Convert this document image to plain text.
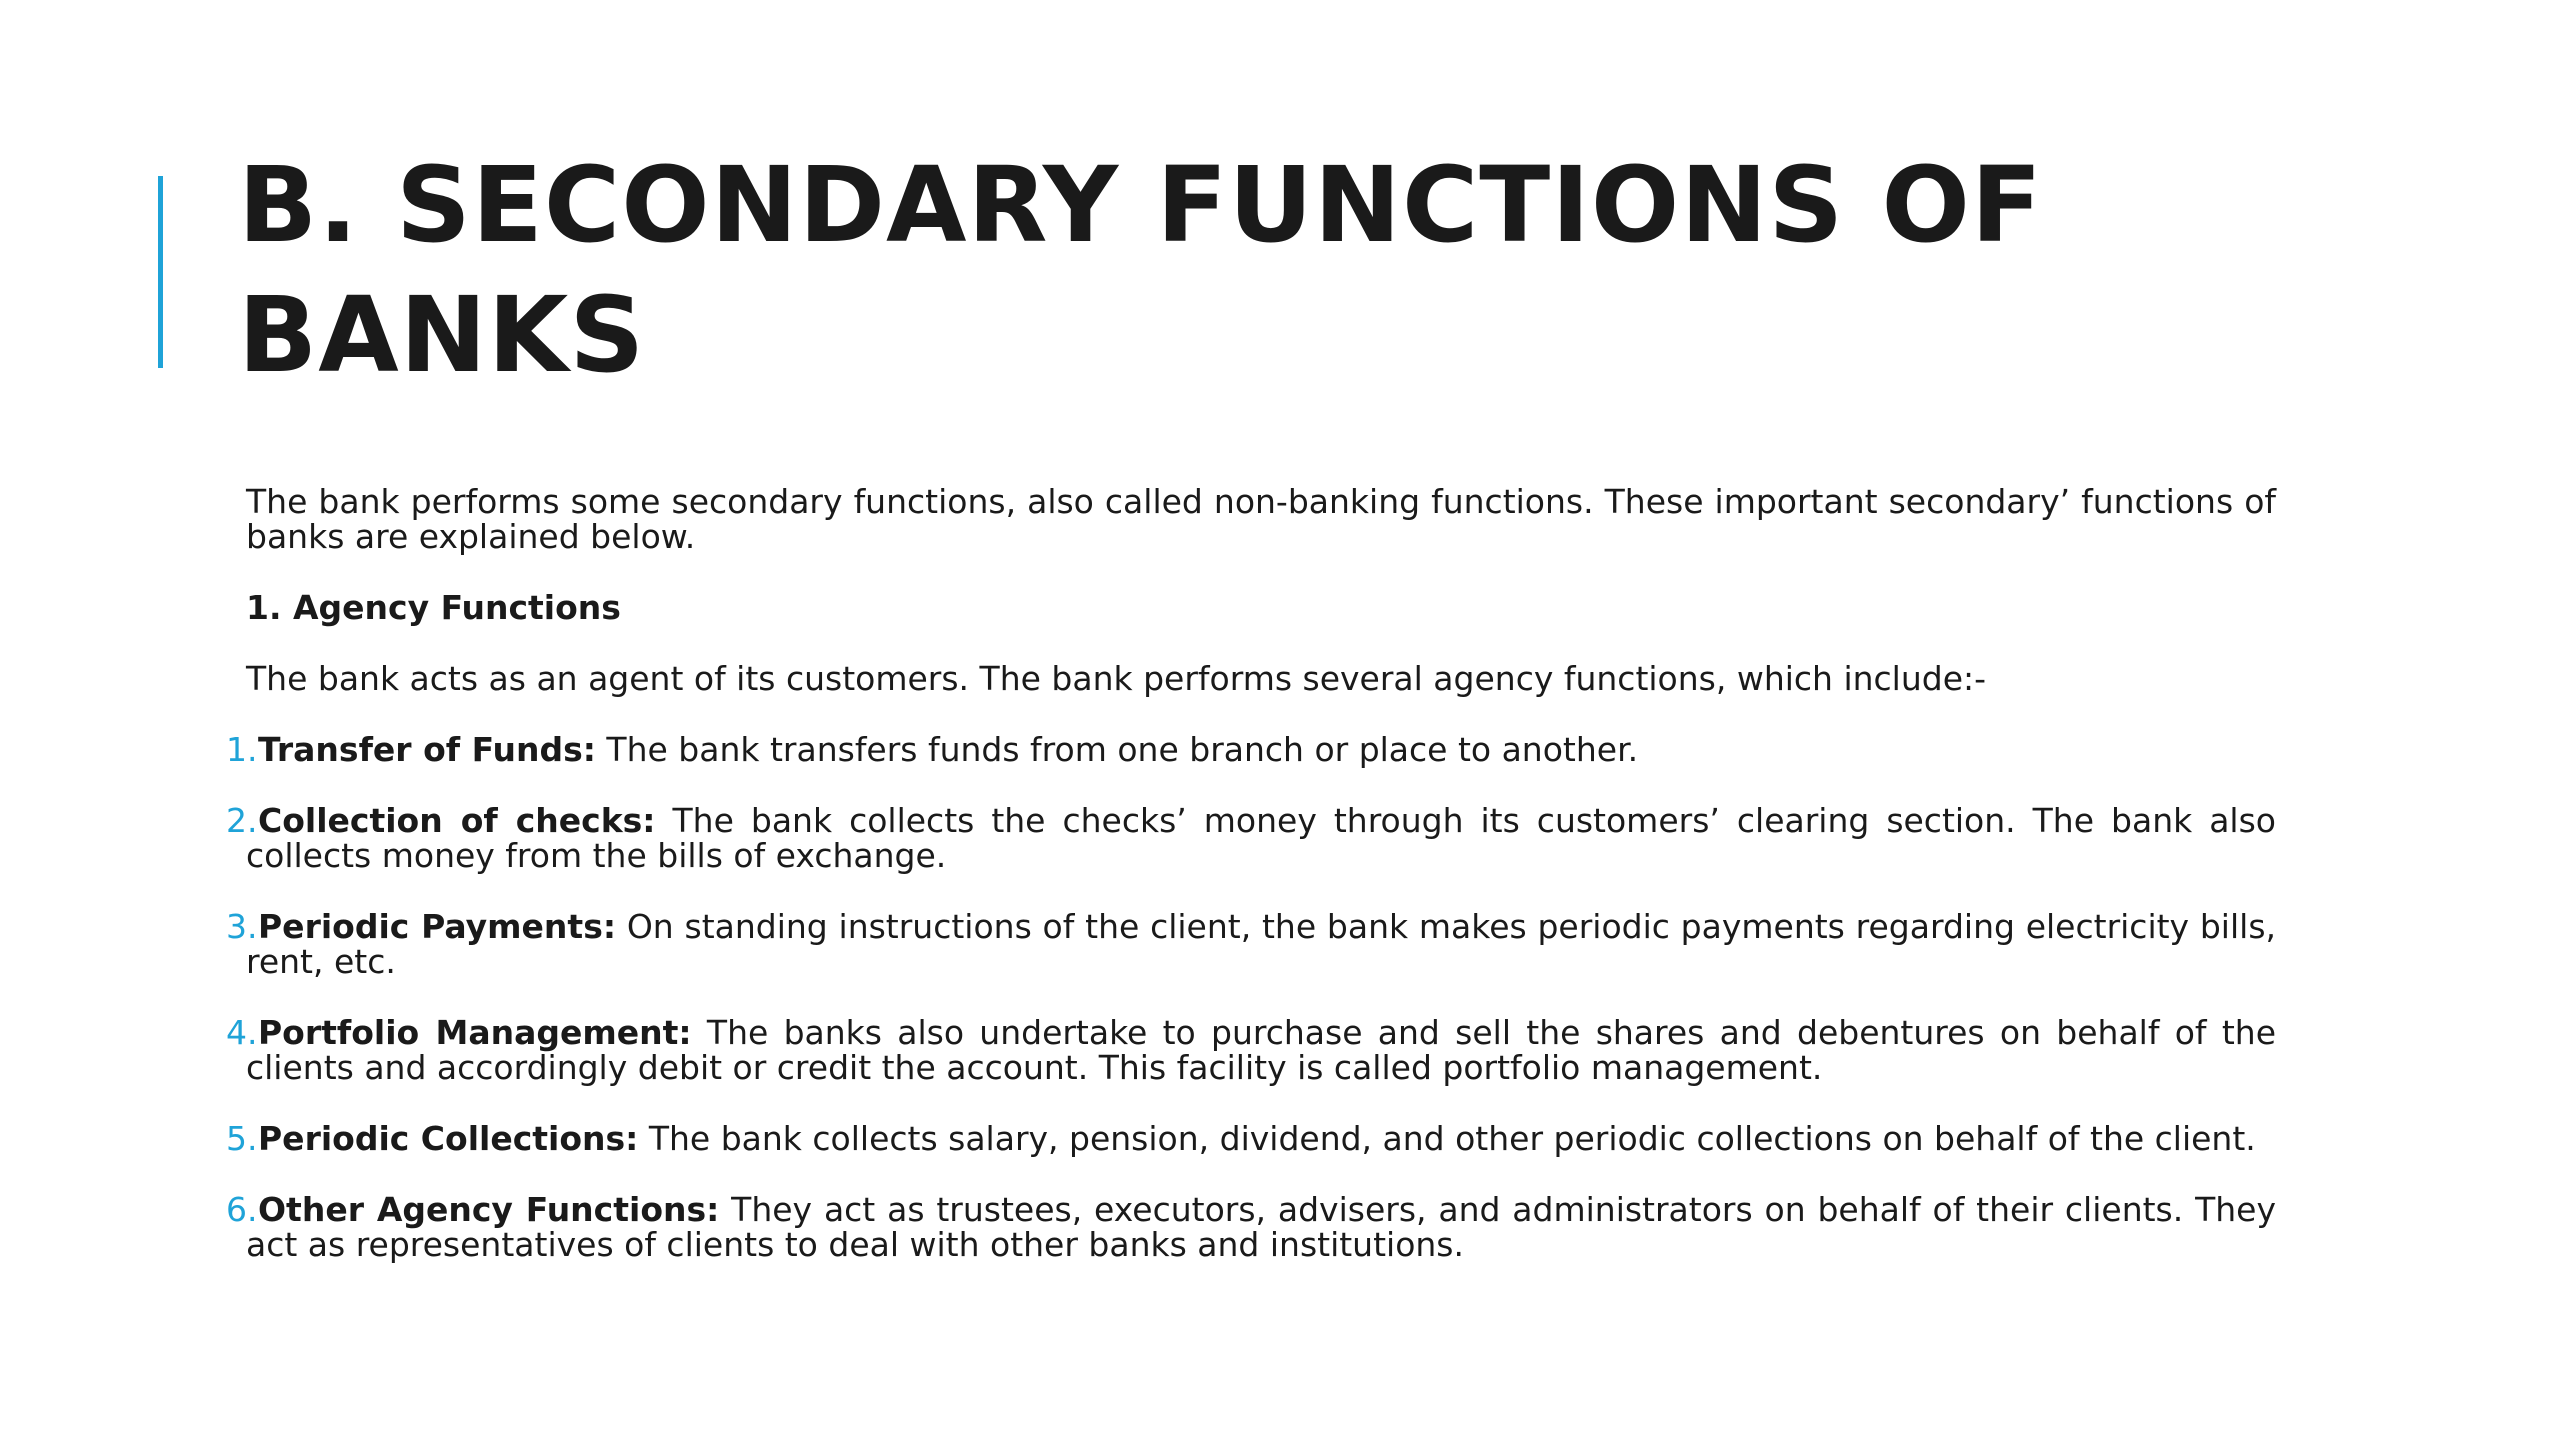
B. SECONDARY FUNCTIONS OF BANKS

The bank performs some secondary functions, also called non-banking functions. These important secondary’ functions of banks are explained below.

1. Agency Functions

The bank acts as an agent of its customers. The bank performs several agency functions, which include:-

1. Transfer of Funds: The bank transfers funds from one branch or place to another.
2. Collection of checks: The bank collects the checks’ money through its customers’ clearing section. The bank also collects money from the bills of exchange.
3. Periodic Payments: On standing instructions of the client, the bank makes periodic payments regarding electricity bills, rent, etc.
4. Portfolio Management: The banks also undertake to purchase and sell the shares and debentures on behalf of the clients and accordingly debit or credit the account. This facility is called portfolio management.
5. Periodic Collections: The bank collects salary, pension, dividend, and other periodic collections on behalf of the client.
6. Other Agency Functions: They act as trustees, executors, advisers, and administrators on behalf of their clients. They act as representatives of clients to deal with other banks and institutions.
